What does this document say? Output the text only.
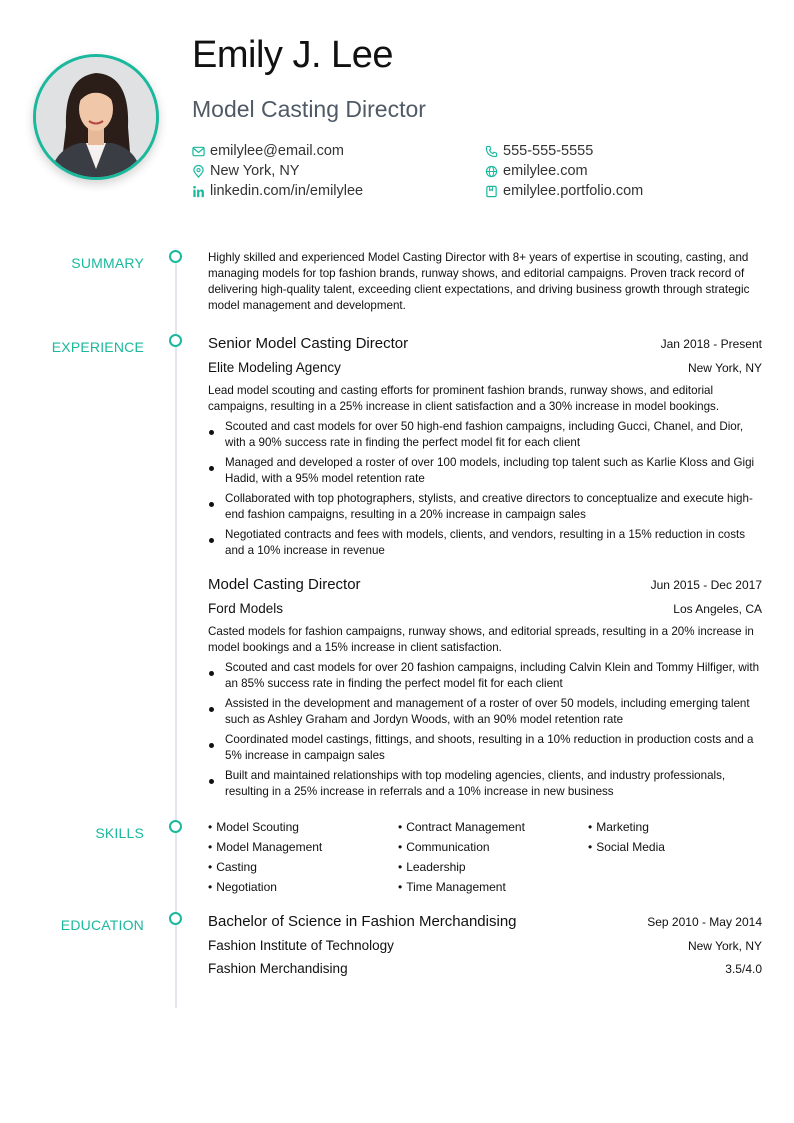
Emily J. Lee
Model Casting Director
emilylee@email.com
New York, NY
linkedin.com/in/emilylee
555-555-5555
emilylee.com
emilylee.portfolio.com
SUMMARY	Highly skilled and experienced Model Casting Director with 8+ years of expertise in scouting, casting, and managing models for top fashion brands, runway shows, and editorial campaigns. Proven track record of delivering high-quality talent, exceeding client expectations, and driving business growth through strategic model management and development.
EXPERIENCE	Senior Model Casting Director	Jan 2018 - Present
Elite Modeling Agency	New York, NY
Lead model scouting and casting efforts for prominent fashion brands, runway shows, and editorial campaigns, resulting in a 25% increase in client satisfaction and a 30% increase in model bookings.
Scouted and cast models for over 50 high-end fashion campaigns, including Gucci, Chanel, and Dior, with a 90% success rate in finding the perfect model fit for each client
Managed and developed a roster of over 100 models, including top talent such as Karlie Kloss and Gigi Hadid, with a 95% model retention rate
Collaborated with top photographers, stylists, and creative directors to conceptualize and execute high-end fashion campaigns, resulting in a 20% increase in campaign sales
Negotiated contracts and fees with models, clients, and vendors, resulting in a 15% reduction in costs and a 10% increase in revenue
Model Casting Director	Jun 2015 - Dec 2017
Ford Models	Los Angeles, CA
Casted models for fashion campaigns, runway shows, and editorial spreads, resulting in a 20% increase in model bookings and a 15% increase in client satisfaction.
Scouted and cast models for over 20 fashion campaigns, including Calvin Klein and Tommy Hilfiger, with an 85% success rate in finding the perfect model fit for each client
Assisted in the development and management of a roster of over 50 models, including emerging talent such as Ashley Graham and Jordyn Woods, with an 90% model retention rate
Coordinated model castings, fittings, and shoots, resulting in a 10% reduction in production costs and a 5% increase in campaign sales
Built and maintained relationships with top modeling agencies, clients, and industry professionals, resulting in a 25% increase in referrals and a 10% increase in new business
SKILLS
•	Model Scouting
• Model Management
• Casting
• Negotiation
• Contract Management
• Communication
• Leadership
• Time Management
• Marketing
• Social Media
EDUCATION	Bachelor of Science in Fashion Merchandising	Sep 2010 - May 2014
Fashion Institute of Technology	New York, NY
Fashion Merchandising	3.5/4.0
